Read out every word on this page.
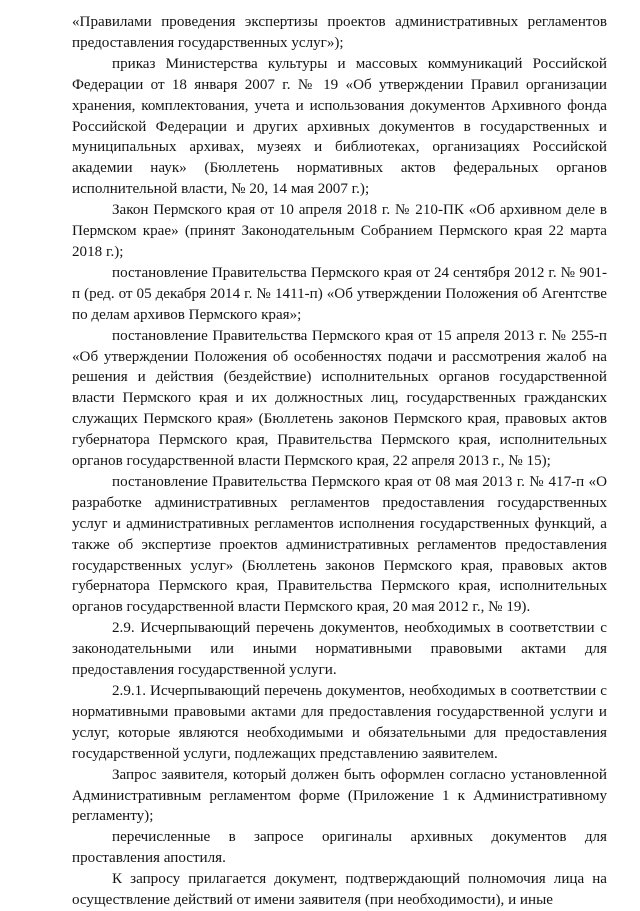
«Правилами проведения экспертизы проектов административных регламентов предоставления государственных услуг»);

приказ Министерства культуры и массовых коммуникаций Российской Федерации от 18 января 2007 г. № 19 «Об утверждении Правил организации хранения, комплектования, учета и использования документов Архивного фонда Российской Федерации и других архивных документов в государственных и муниципальных архивах, музеях и библиотеках, организациях Российской академии наук» (Бюллетень нормативных актов федеральных органов исполнительной власти, № 20, 14 мая 2007 г.);

Закон Пермского края от 10 апреля 2018 г. № 210-ПК «Об архивном деле в Пермском крае» (принят Законодательным Собранием Пермского края 22 марта 2018 г.);

постановление Правительства Пермского края от 24 сентября 2012 г. № 901-п (ред. от 05 декабря 2014 г. № 1411-п) «Об утверждении Положения об Агентстве по делам архивов Пермского края»;

постановление Правительства Пермского края от 15 апреля 2013 г. № 255-п «Об утверждении Положения об особенностях подачи и рассмотрения жалоб на решения и действия (бездействие) исполнительных органов государственной власти Пермского края и их должностных лиц, государственных гражданских служащих Пермского края» (Бюллетень законов Пермского края, правовых актов губернатора Пермского края, Правительства Пермского края, исполнительных органов государственной власти Пермского края, 22 апреля 2013 г., № 15);

постановление Правительства Пермского края от 08 мая 2013 г. № 417-п «О разработке административных регламентов предоставления государственных услуг и административных регламентов исполнения государственных функций, а также об экспертизе проектов административных регламентов предоставления государственных услуг» (Бюллетень законов Пермского края, правовых актов губернатора Пермского края, Правительства Пермского края, исполнительных органов государственной власти Пермского края, 20 мая 2012 г., № 19).

2.9. Исчерпывающий перечень документов, необходимых в соответствии с законодательными или иными нормативными правовыми актами для предоставления государственной услуги.

2.9.1. Исчерпывающий перечень документов, необходимых в соответствии с нормативными правовыми актами для предоставления государственной услуги и услуг, которые являются необходимыми и обязательными для предоставления государственной услуги, подлежащих представлению заявителем.

Запрос заявителя, который должен быть оформлен согласно установленной Административным регламентом форме (Приложение 1 к Административному регламенту);

перечисленные в запросе оригиналы архивных документов для проставления апостиля.

К запросу прилагается документ, подтверждающий полномочия лица на осуществление действий от имени заявителя (при необходимости), и иные
